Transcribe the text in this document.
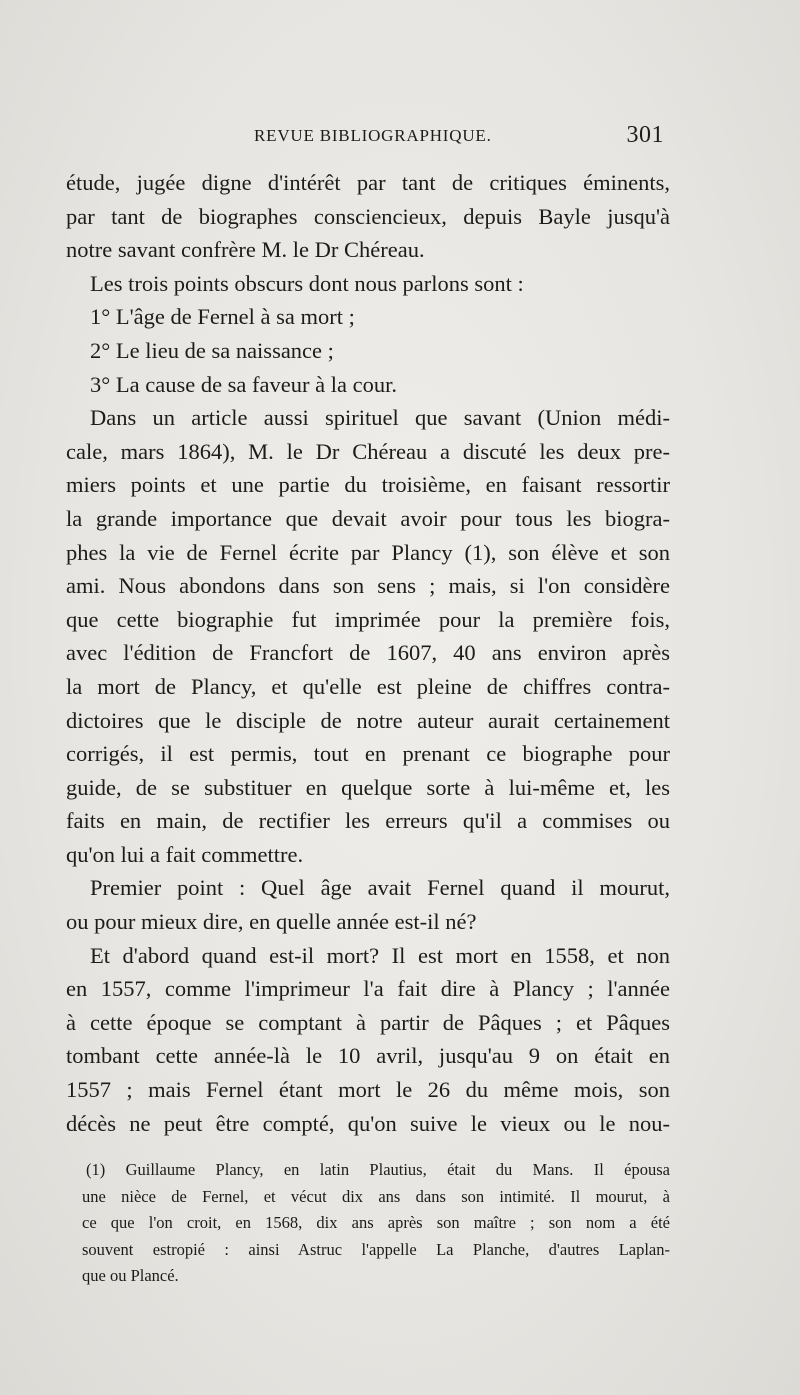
REVUE BIBLIOGRAPHIQUE.	301
étude, jugée digne d'intérêt par tant de critiques éminents,
par tant de biographes consciencieux, depuis Bayle jusqu'à
notre savant confrère M. le Dr Chéreau.
Les trois points obscurs dont nous parlons sont :
1° L'âge de Fernel à sa mort ;
2° Le lieu de sa naissance ;
3° La cause de sa faveur à la cour.
Dans un article aussi spirituel que savant (Union médi-
cale, mars 1864), M. le Dr Chéreau a discuté les deux pre-
miers points et une partie du troisième, en faisant ressortir
la grande importance que devait avoir pour tous les biogra-
phes la vie de Fernel écrite par Plancy (1), son élève et son
ami. Nous abondons dans son sens ; mais, si l'on considère
que cette biographie fut imprimée pour la première fois,
avec l'édition de Francfort de 1607, 40 ans environ après
la mort de Plancy, et qu'elle est pleine de chiffres contra-
dictoires que le disciple de notre auteur aurait certainement
corrigés, il est permis, tout en prenant ce biographe pour
guide, de se substituer en quelque sorte à lui-même et, les
faits en main, de rectifier les erreurs qu'il a commises ou
qu'on lui a fait commettre.
Premier point : Quel âge avait Fernel quand il mourut,
ou pour mieux dire, en quelle année est-il né?
Et d'abord quand est-il mort? Il est mort en 1558, et non
en 1557, comme l'imprimeur l'a fait dire à Plancy ; l'année
à cette époque se comptant à partir de Pâques ; et Pâques
tombant cette année-là le 10 avril, jusqu'au 9 on était en
1557 ; mais Fernel étant mort le 26 du même mois, son
décès ne peut être compté, qu'on suive le vieux ou le nou-
(1) Guillaume Plancy, en latin Plautius, était du Mans. Il épousa
une nièce de Fernel, et vécut dix ans dans son intimité. Il mourut, à
ce que l'on croit, en 1568, dix ans après son maître ; son nom a été
souvent estropié : ainsi Astruc l'appelle La Planche, d'autres Laplan-
que ou Plancé.
